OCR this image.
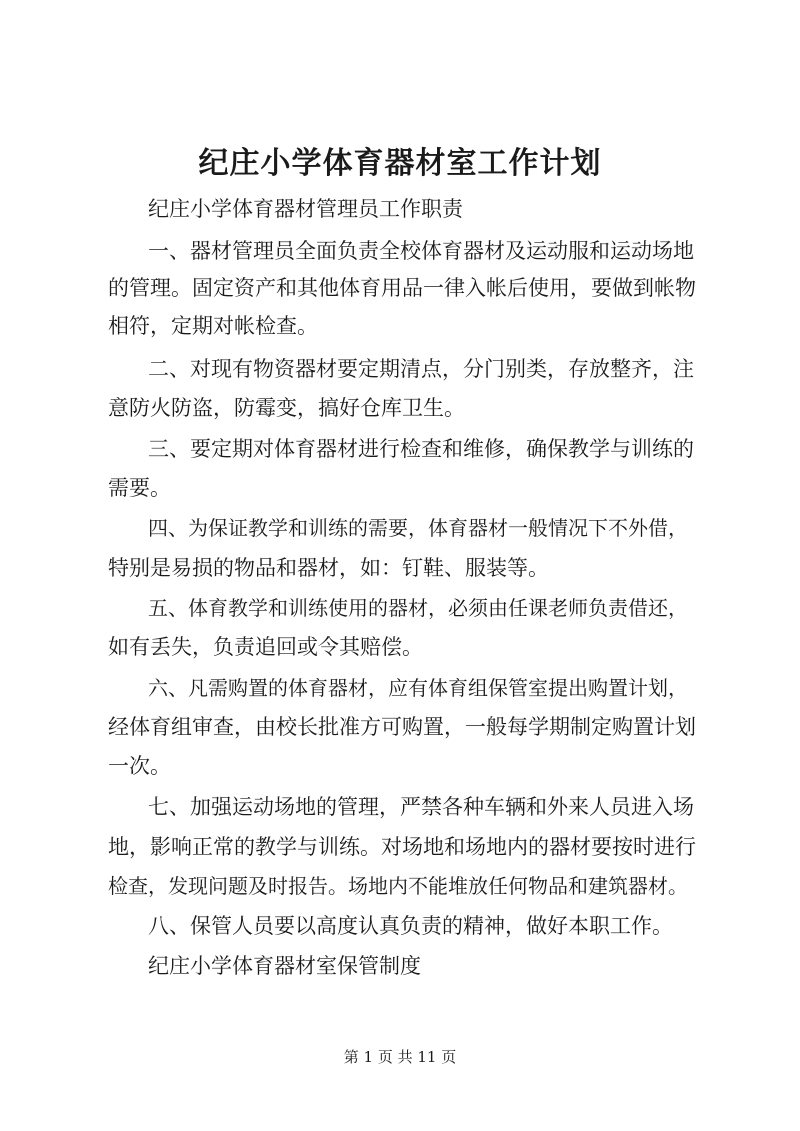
纪庄小学体育器材室工作计划
纪庄小学体育器材管理员工作职责
一、器材管理员全面负责全校体育器材及运动服和运动场地
的管理。固定资产和其他体育用品一律入帐后使用，要做到帐物
相符，定期对帐检查。
二、对现有物资器材要定期清点，分门别类，存放整齐，注
意防火防盗，防霉变，搞好仓库卫生。
三、要定期对体育器材进行检查和维修，确保教学与训练的
需要。
四、为保证教学和训练的需要，体育器材一般情况下不外借，
特别是易损的物品和器材，如：钉鞋、服装等。
五、体育教学和训练使用的器材，必须由任课老师负责借还，
如有丢失，负责追回或令其赔偿。
六、凡需购置的体育器材，应有体育组保管室提出购置计划，
经体育组审查，由校长批准方可购置，一般每学期制定购置计划
一次。
七、加强运动场地的管理，严禁各种车辆和外来人员进入场
地，影响正常的教学与训练。对场地和场地内的器材要按时进行
检查，发现问题及时报告。场地内不能堆放任何物品和建筑器材。
八、保管人员要以高度认真负责的精神，做好本职工作。
纪庄小学体育器材室保管制度
第 1 页 共 11 页
